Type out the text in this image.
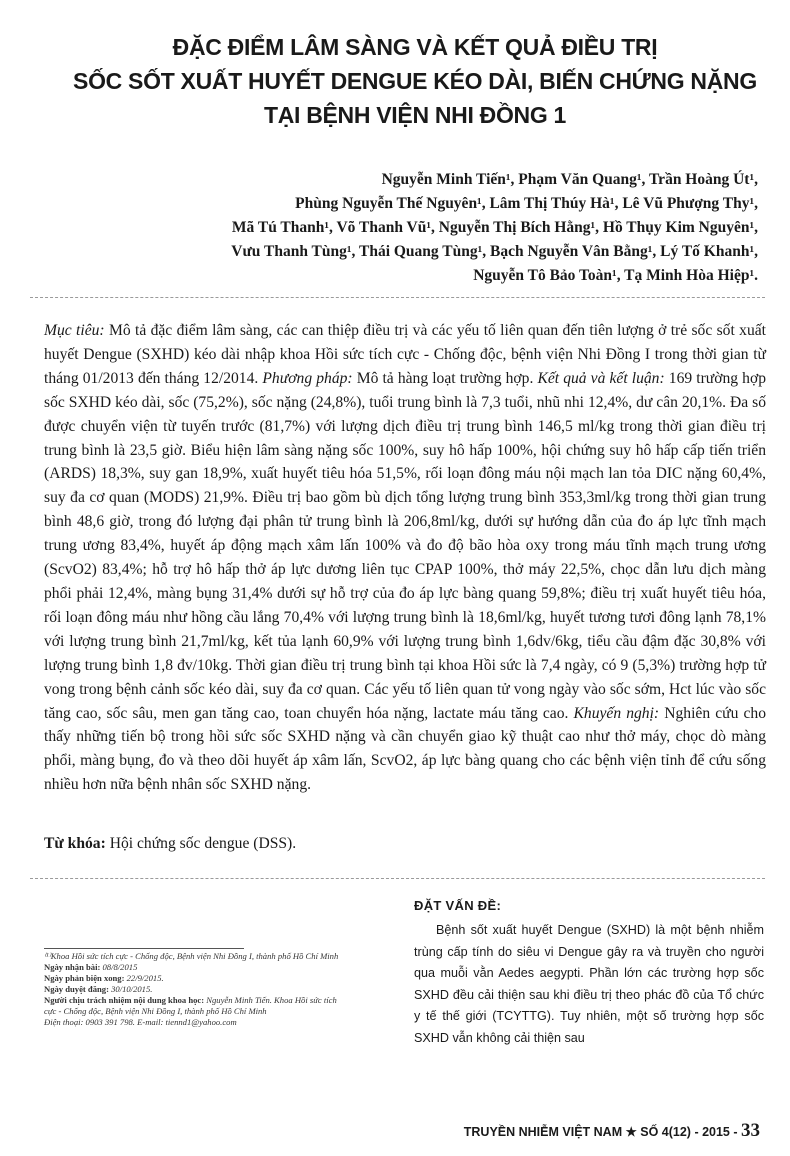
ĐẶC ĐIỂM LÂM SÀNG VÀ KẾT QUẢ ĐIỀU TRỊ
SỐC SỐT XUẤT HUYẾT DENGUE KÉO DÀI, BIẾN CHỨNG NẶNG
TẠI BỆNH VIỆN NHI ĐỒNG 1
Nguyễn Minh Tiến¹, Phạm Văn Quang¹, Trần Hoàng Út¹,
Phùng Nguyễn Thế Nguyên¹, Lâm Thị Thúy Hà¹, Lê Vũ Phượng Thy¹,
Mã Tú Thanh¹, Võ Thanh Vũ¹, Nguyễn Thị Bích Hằng¹, Hồ Thụy Kim Nguyên¹,
Vưu Thanh Tùng¹, Thái Quang Tùng¹, Bạch Nguyễn Vân Bằng¹, Lý Tố Khanh¹,
Nguyễn Tô Bảo Toàn¹, Tạ Minh Hòa Hiệp¹.

Mục tiêu: Mô tả đặc điểm lâm sàng, các can thiệp điều trị và các yếu tố liên quan đến tiên lượng ở trẻ sốc sốt xuất huyết Dengue (SXHD) kéo dài nhập khoa Hồi sức tích cực - Chống độc, bệnh viện Nhi Đồng I trong thời gian từ tháng 01/2013 đến tháng 12/2014. Phương pháp: Mô tả hàng loạt trường hợp. Kết quả và kết luận: 169 trường hợp sốc SXHD kéo dài, sốc (75,2%), sốc nặng (24,8%), tuổi trung bình là 7,3 tuổi, nhũ nhi 12,4%, dư cân 20,1%. Đa số được chuyển viện từ tuyến trước (81,7%) với lượng dịch điều trị trung bình 146,5 ml/kg trong thời gian điều trị trung bình là 23,5 giờ. Biểu hiện lâm sàng nặng sốc 100%, suy hô hấp 100%, hội chứng suy hô hấp cấp tiến triển (ARDS) 18,3%, suy gan 18,9%, xuất huyết tiêu hóa 51,5%, rối loạn đông máu nội mạch lan tỏa DIC nặng 60,4%, suy đa cơ quan (MODS) 21,9%. Điều trị bao gồm bù dịch tổng lượng trung bình 353,3ml/kg trong thời gian trung bình 48,6 giờ, trong đó lượng đại phân tử trung bình là 206,8ml/kg, dưới sự hướng dẫn của đo áp lực tĩnh mạch trung ương 83,4%, huyết áp động mạch xâm lấn 100% và đo độ bão hòa oxy trong máu tĩnh mạch trung ương (ScvO2) 83,4%; hỗ trợ hô hấp thở áp lực dương liên tục CPAP 100%, thở máy 22,5%, chọc dẫn lưu dịch màng phổi phải 12,4%, màng bụng 31,4% dưới sự hỗ trợ của đo áp lực bàng quang 59,8%; điều trị xuất huyết tiêu hóa, rối loạn đông máu như hồng cầu lắng 70,4% với lượng trung bình là 18,6ml/kg, huyết tương tươi đông lạnh 78,1% với lượng trung bình 21,7ml/kg, kết tủa lạnh 60,9% với lượng trung bình 1,6dv/6kg, tiểu cầu đậm đặc 30,8% với lượng trung bình 1,8 đv/10kg. Thời gian điều trị trung bình tại khoa Hồi sức là 7,4 ngày, có 9 (5,3%) trường hợp tử vong trong bệnh cảnh sốc kéo dài, suy đa cơ quan. Các yếu tố liên quan tử vong ngày vào sốc sớm, Hct lúc vào sốc tăng cao, sốc sâu, men gan tăng cao, toan chuyển hóa nặng, lactate máu tăng cao. Khuyến nghị: Nghiên cứu cho thấy những tiến bộ trong hồi sức sốc SXHD nặng và cần chuyển giao kỹ thuật cao như thở máy, chọc dò màng phổi, màng bụng, đo và theo dõi huyết áp xâm lấn, ScvO2, áp lực bàng quang cho các bệnh viện tỉnh để cứu sống nhiều hơn nữa bệnh nhân sốc SXHD nặng.

Từ khóa: Hội chứng sốc dengue (DSS).
ĐẶT VẤN ĐỀ:

Bệnh sốt xuất huyết Dengue (SXHD) là một bệnh nhiễm trùng cấp tính do siêu vi Dengue gây ra và truyền cho người qua muỗi vằn Aedes aegypti. Phần lớn các trường hợp sốc SXHD đều cải thiện sau khi điều trị theo phác đồ của Tổ chức y tế thế giới (TCYTTG). Tuy nhiên, một số trường hợp sốc SXHD vẫn không cải thiện sau

⁽¹⁾Khoa Hồi sức tích cực - Chống độc, Bệnh viện Nhi Đồng I, thành phố Hồ Chí Minh
Ngày nhận bài: 08/8/2015
Ngày phản biện xong: 22/9/2015.
Ngày duyệt đăng: 30/10/2015.
Người chịu trách nhiệm nội dung khoa học: Nguyễn Minh Tiến. Khoa Hồi sức tích cực - Chống độc, Bệnh viện Nhi Đồng I, thành phố Hồ Chí Minh
Điện thoại: 0903 391 798. E-mail: tiennd1@yahoo.com
TRUYỀN NHIỄM VIỆT NAM ★ SỐ 4(12) - 2015 - 33
